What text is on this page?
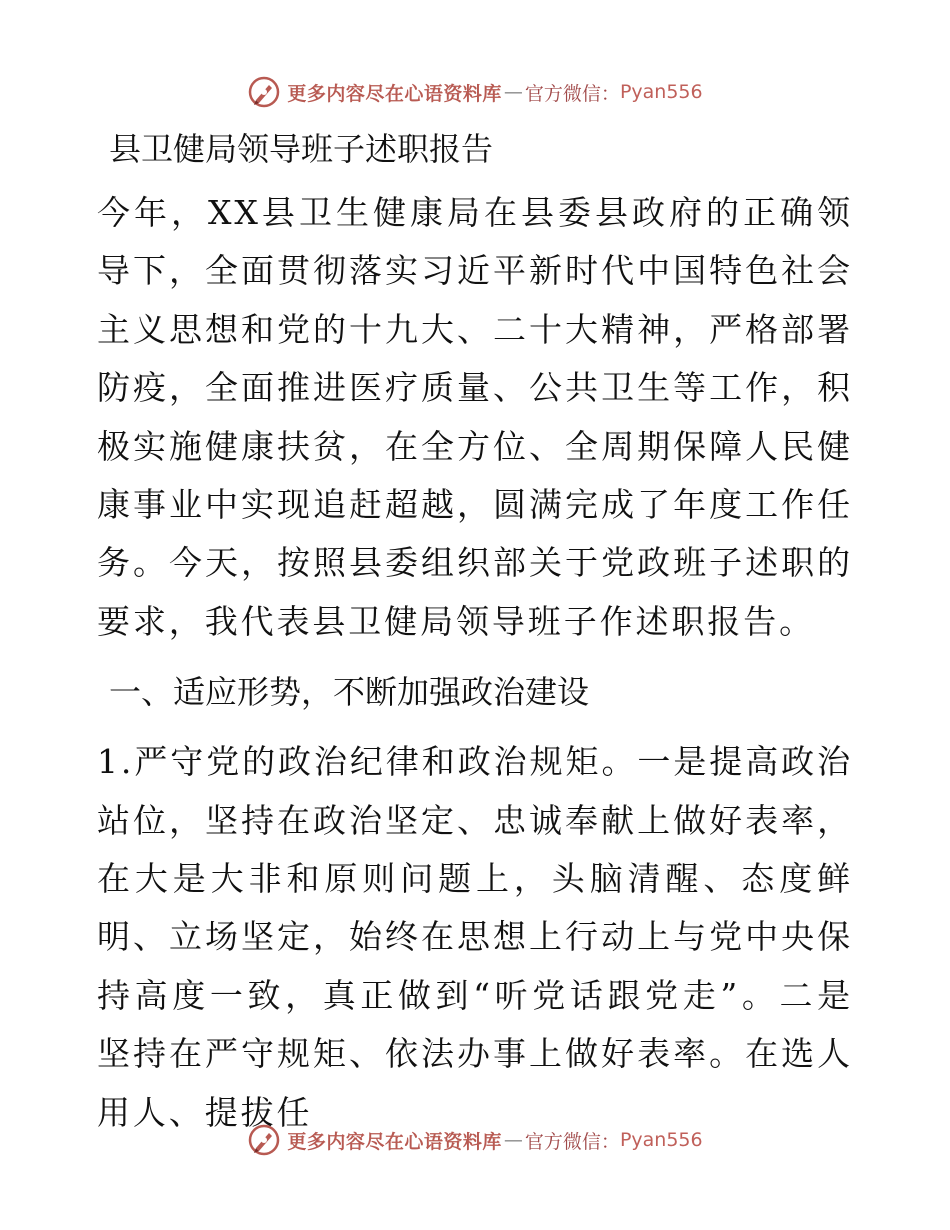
更多内容尽在心语资料库 — 官方微信： Pyan556
县卫健局领导班子述职报告

今年，XX县卫生健康局在县委县政府的正确领导下，全面贯彻落实习近平新时代中国特色社会主义思想和党的十九大、二十大精神，严格部署防疫，全面推进医疗质量、公共卫生等工作，积极实施健康扶贫，在全方位、全周期保障人民健康事业中实现追赶超越，圆满完成了年度工作任务。今天，按照县委组织部关于党政班子述职的要求，我代表县卫健局领导班子作述职报告。

一、适应形势，不断加强政治建设

1.严守党的政治纪律和政治规矩。一是提高政治站位，坚持在政治坚定、忠诚奉献上做好表率，在大是大非和原则问题上，头脑清醒、态度鲜明、立场坚定，始终在思想上行动上与党中央保持高度一致，真正做到“听党话跟党走”。二是坚持在严守规矩、依法办事上做好表率。在选人用人、提拔任

更多内容尽在心语资料库 — 官方微信： Pyan556
